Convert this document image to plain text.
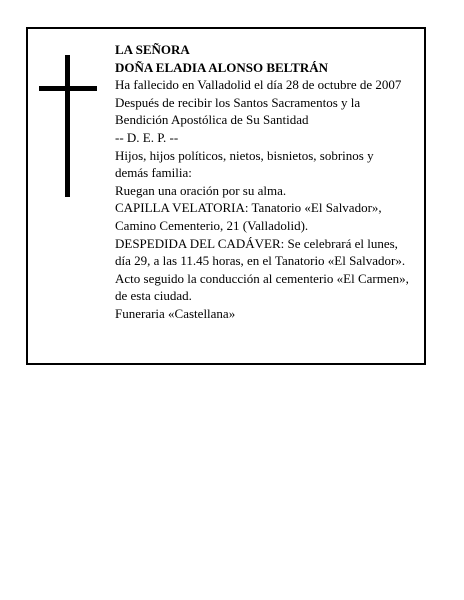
LA SEÑORA
DOÑA ELADIA ALONSO BELTRÁN
Ha fallecido en Valladolid el día 28 de octubre de 2007
Después de recibir los Santos Sacramentos y la
Bendición Apostólica de Su Santidad
-- D. E. P. --
Hijos, hijos políticos, nietos, bisnietos, sobrinos y
demás familia:
Ruegan una oración por su alma.
CAPILLA VELATORIA: Tanatorio «El Salvador»,
Camino Cementerio, 21 (Valladolid).
DESPEDIDA DEL CADÁVER: Se celebrará el lunes,
día 29, a las 11.45 horas, en el Tanatorio «El Salvador».
Acto seguido la conducción al cementerio «El Carmen»,
de esta ciudad.
Funeraria «Castellana»
